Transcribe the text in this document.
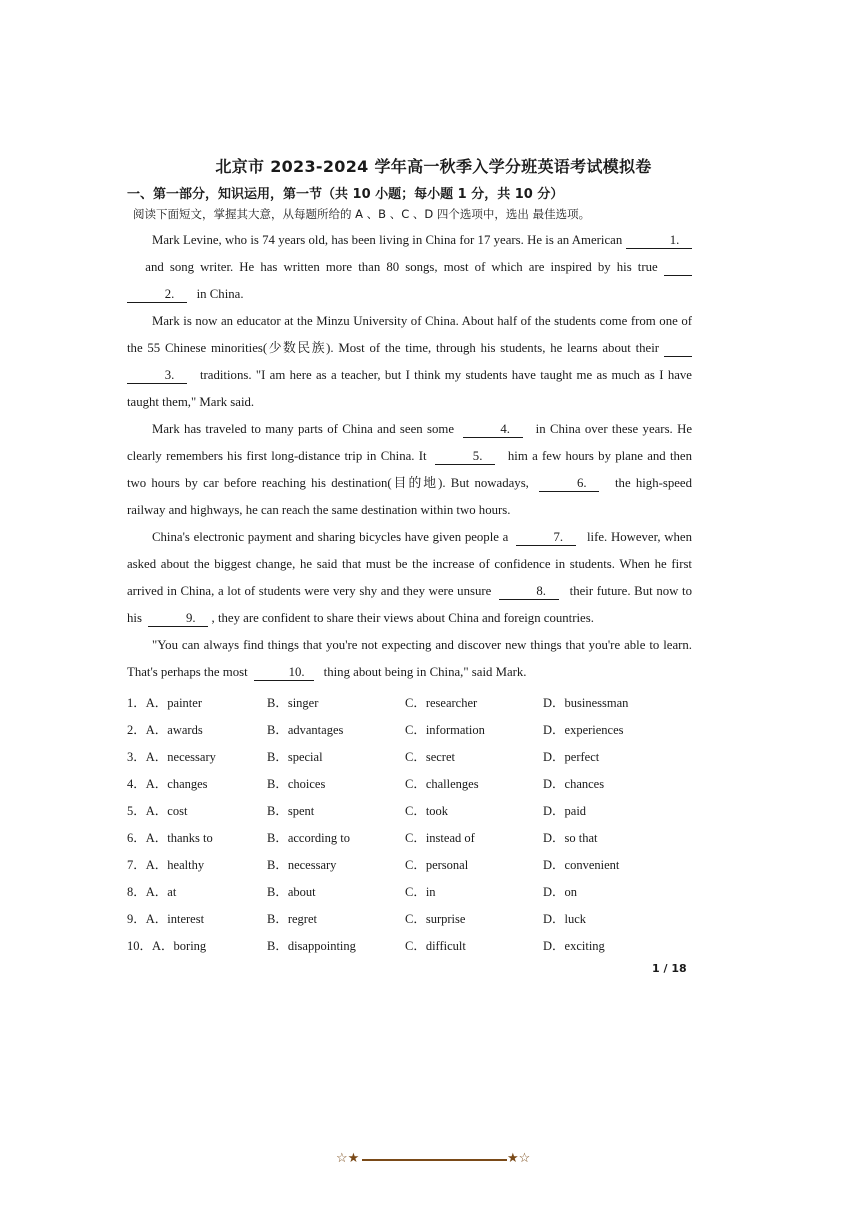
北京市 2023-2024 学年高一秋季入学分班英语考试模拟卷
一、第一部分，知识运用，第一节（共 10 小题；每小题 1 分，共 10 分）
阅读下面短文，掌握其大意，从每题所给的 A 、B 、C 、D 四个选项中，选出 最佳选项。

Mark Levine, who is 74 years old, has been living in China for 17 years. He is an American	1.   and song writer. He has written more than 80 songs, most of which are inspired by his true   2. in China.

Mark is now an educator at the Minzu University of China. About half of the students come from one of the 55 Chinese minorities(少数民族). Most of the time, through his students, he learns about their   3. traditions. "I am here as a teacher, but I think my students have taught me as much as I have taught them," Mark said.

Mark has traveled to many parts of China and seen some	4. in China over these years. He clearly remembers his first long-distance trip in China. It	5. him a few hours by plane and then two hours by car before reaching his destination(目的地). But nowadays,	6. the high-speed railway and highways, he can reach the same destination within two hours.

China's electronic payment and sharing bicycles have given people a	7. life. However, when asked about the biggest change, he said that must be the increase of confidence in students. When he first arrived in China, a lot of students were very shy and they were unsure	8. their future. But now to his	9. , they are confident to share their views about China and foreign countries.

"You can always find things that you're not expecting and discover new things that you're able to learn. That's perhaps the most	10. thing about being in China," said Mark.

1．A．painter	B．singer	C．researcher	D．businessman
2．A．awards	B．advantages	C．information	D．experiences
3．A．necessary	B．special	C．secret	D．perfect
4．A．changes	B．choices	C．challenges	D．chances
5．A．cost	B．spent	C．took	D．paid
6．A．thanks to	B．according to	C．instead of	D．so that
7．A．healthy	B．necessary	C．personal	D．convenient
8．A．at	B．about	C．in	D．on
9．A．interest	B．regret	C．surprise	D．luck
10．A．boring	B．disappointing	C．difficult	D．exciting
1 / 18
☆★	★☆
